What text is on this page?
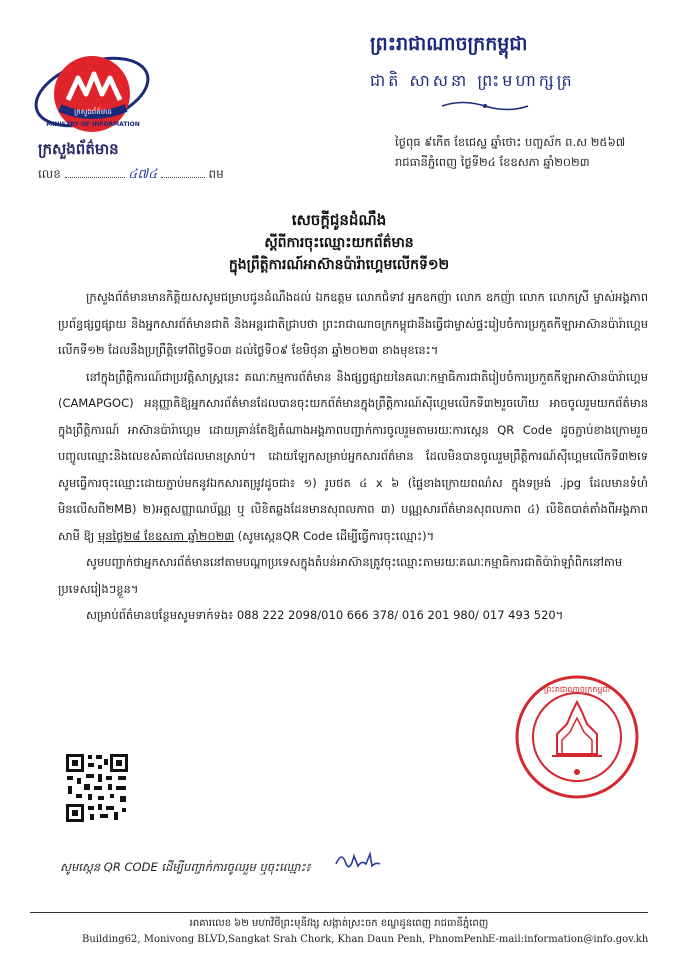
ក្រសួងព័ត៌មាន
MINISTRY OF INFORMATION
ព្រះរាជាណាចក្រកម្ពុជា
ជាតិ សាសនា ព្រះមហាក្សត្រ
ក្រសួងព័ត៌មាន
លេខ	៤៧៤	ពម
ថ្ងៃពុធ ៩កើត ខែជេស្ឋ ឆ្នាំថោះ បញ្ចស័ក ព.ស ២៥៦៧
រាជធានីភ្នំពេញ ថ្ងៃទី២៤ ខែឧសភា ឆ្នាំ២០២៣
សេចក្តីជូនដំណឹង
ស្តីពីការចុះឈ្មោះយកព័ត៌មាន
ក្នុងព្រឹត្តិការណ៍អាស៊ានប៉ារ៉ាហ្គេមលើកទី១២

ក្រសួងព័ត៌មានមានកិត្តិយសសូមជម្រាបជូនដំណឹងដល់ ឯកឧត្តម លោកជំទាវ អ្នកឧកញ៉ា លោក ឧកញ៉ា លោក លោកស្រី ម្ចាស់អង្គភាពប្រព័ន្ធផ្សព្វផ្សាយ និងអ្នកសារព័ត៌មានជាតិ និងអន្តរជាតិជ្រាបថា ព្រះរាជាណាចក្រកម្ពុជានឹងធ្វើជាម្ចាស់ផ្ទះរៀបចំការប្រកួតកីឡាអាស៊ានប៉ារ៉ាហ្គេមលើកទី១២ ដែលនឹងប្រព្រឹត្តិទៅពីថ្ងៃទី០៣ ដល់ថ្ងៃទី០៩ ខែមិថុនា ឆ្នាំ២០២៣ ខាងមុខនេះ។

នៅក្នុងព្រឹត្តិការណ៍ជាប្រវត្តិសាស្ត្រនេះ គណៈកម្មការព័ត៌មាន និងផ្សព្វផ្សាយនៃគណៈកម្មាធិការជាតិរៀបចំការប្រកួតកីឡាអាស៊ានប៉ារ៉ាហ្គេម (CAMAPGOC) អនុញ្ញាតិឱ្យអ្នកសារព័ត៌មានដែលបានចុះយកព័ត៌មានក្នុងព្រឹត្តិការណ៍ស៊ីហ្គេមលើកទី៣២រួចហើយ អាចចូលរួមយកព័ត៌មានក្នុងព្រឹត្តិការណ៍ អាស៊ានប៉ារ៉ាហ្គេម ដោយគ្រាន់តែឱ្យតំណាងអង្គភាពបញ្ជាក់ការចូលរួមតាមរយៈការស្កេន QR Code ដូចភ្ជាប់ខាងក្រោមរួចបញ្ចូលឈ្មោះនិងលេខសំគាល់ដែលមានស្រាប់។ ដោយឡែកសម្រាប់អ្នកសារព័ត៌មាន ដែលមិនបានចូលរួមព្រឹត្តិការណ៍ស៊ីហ្គេមលើកទី៣២ទេ សូមធ្វើការចុះឈ្មោះដោយភ្ជាប់មកនូវឯកសារតម្រូវដូចជា៖ ១) រូបថត ៤ x ៦ (ផ្ទៃខាងក្រោយពណ៌ស ក្នុងទម្រង់ .jpg ដែលមានទំហំមិនលើសពី២MB) ២)អត្តសញ្ញាណប័ណ្ណ ឬ លិខិតឆ្លងដែនមានសុពលភាព ៣) បណ្ណសារព័ត៌មានសុពលភាព ៤) លិខិតបាត់តាំងពីអង្គភាពសាមី ឱ្យ មុនថ្ងៃ២៨ ខែឧសភា ឆ្នាំ២០២៣ (សូមស្កេនQR Code ដើម្បីធ្វើការចុះឈ្មោះ)។

សូមបញ្ជាក់ថាអ្នកសារព័ត៌មាននៅតាមបណ្តាប្រទេសក្នុងតំបន់អាស៊ានត្រូវចុះឈ្មោះតាមរយៈគណៈកម្មាធិការជាតិប៉ារ៉ាឡាំពិកនៅតាមប្រទេសរៀងៗខ្លួន។

សម្រាប់ព័ត៌មានបន្ថែមសូមទាក់ទង៖ 088 222 2098/010 666 378/ 016 201 980/ 017 493 520។

ព្រះរាជាណាចក្រកម្ពុជា
សូមស្កេន QR CODE ដើម្បីបញ្ជាក់ការចូលរួម ឬចុះឈ្មោះ៖
អាគារលេខ ៦២ មហាវិថីព្រះមុនីវង្ស សង្កាត់ស្រះចក ខណ្ឌដូនពេញ រាជធានីភ្នំពេញ
Building62, Monivong BLVD,Sangkat Srah Chork, Khan Daun Penh, PhnomPenh E-mail:information@info.gov.kh
